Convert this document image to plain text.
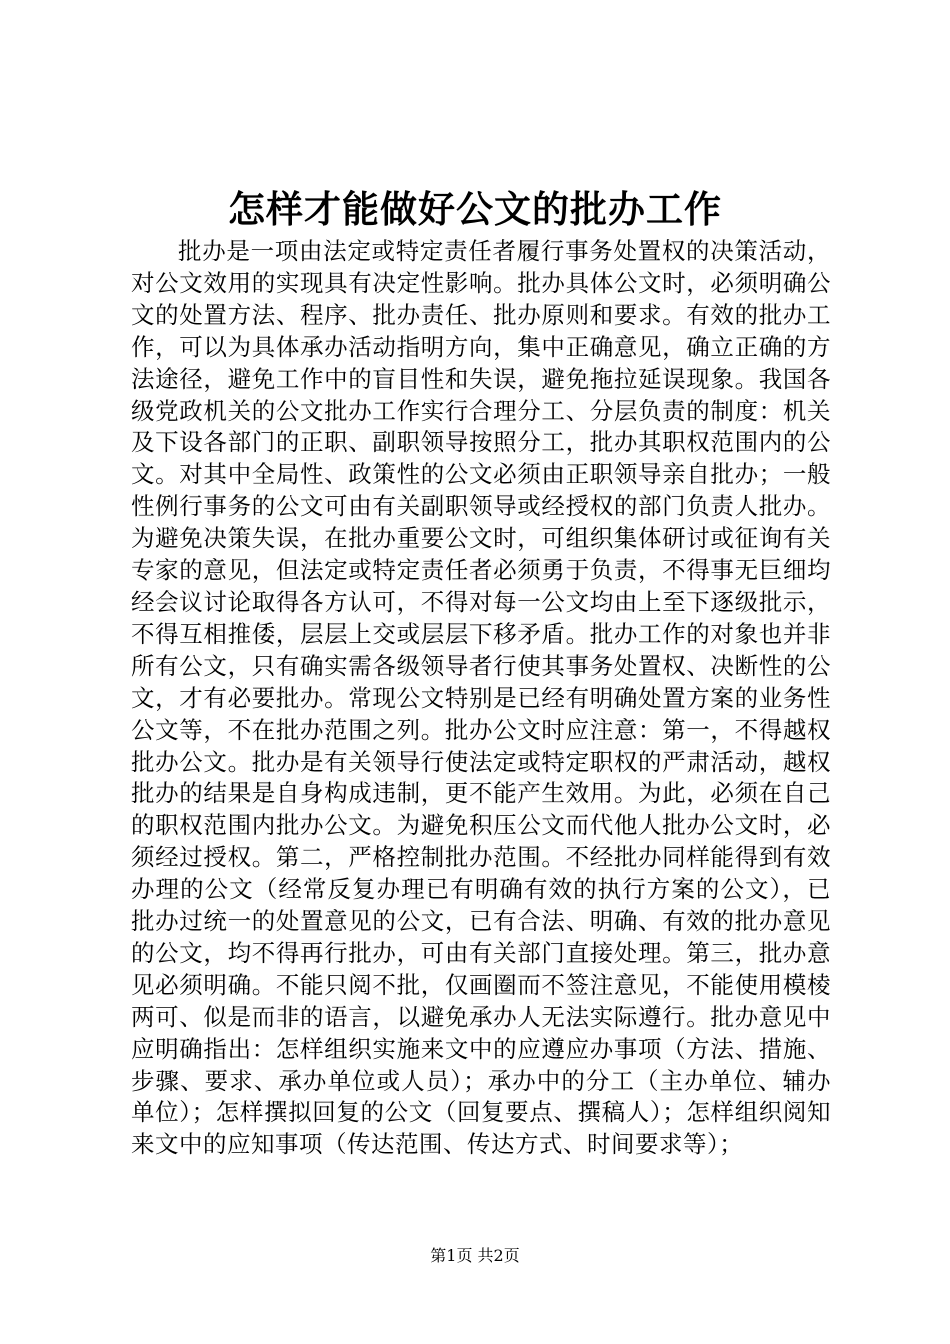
怎样才能做好公文的批办工作

批办是一项由法定或特定责任者履行事务处置权的决策活动，对公文效用的实现具有决定性影响。批办具体公文时，必须明确公文的处置方法、程序、批办责任、批办原则和要求。有效的批办工作，可以为具体承办活动指明方向，集中正确意见，确立正确的方法途径，避免工作中的盲目性和失误，避免拖拉延误现象。我国各级党政机关的公文批办工作实行合理分工、分层负责的制度：机关及下设各部门的正职、副职领导按照分工，批办其职权范围内的公文。对其中全局性、政策性的公文必须由正职领导亲自批办；一般性例行事务的公文可由有关副职领导或经授权的部门负责人批办。为避免决策失误，在批办重要公文时，可组织集体研讨或征询有关专家的意见，但法定或特定责任者必须勇于负责，不得事无巨细均经会议讨论取得各方认可，不得对每一公文均由上至下逐级批示，不得互相推倭，层层上交或层层下移矛盾。批办工作的对象也并非所有公文，只有确实需各级领导者行使其事务处置权、决断性的公文，才有必要批办。常现公文特别是已经有明确处置方案的业务性公文等，不在批办范围之列。批办公文时应注意：第一，不得越权批办公文。批办是有关领导行使法定或特定职权的严肃活动，越权批办的结果是自身构成违制，更不能产生效用。为此，必须在自己的职权范围内批办公文。为避免积压公文而代他人批办公文时，必须经过授权。第二，严格控制批办范围。不经批办同样能得到有效办理的公文（经常反复办理已有明确有效的执行方案的公文），已批办过统一的处置意见的公文，已有合法、明确、有效的批办意见的公文，均不得再行批办，可由有关部门直接处理。第三，批办意见必须明确。不能只阅不批，仅画圈而不签注意见，不能使用模棱两可、似是而非的语言，以避免承办人无法实际遵行。批办意见中应明确指出：怎样组织实施来文中的应遵应办事项（方法、措施、步骤、要求、承办单位或人员）；承办中的分工（主办单位、辅办单位）；怎样撰拟回复的公文（回复要点、撰稿人）；怎样组织阅知来文中的应知事项（传达范围、传达方式、时间要求等）；

第1页 共2页
